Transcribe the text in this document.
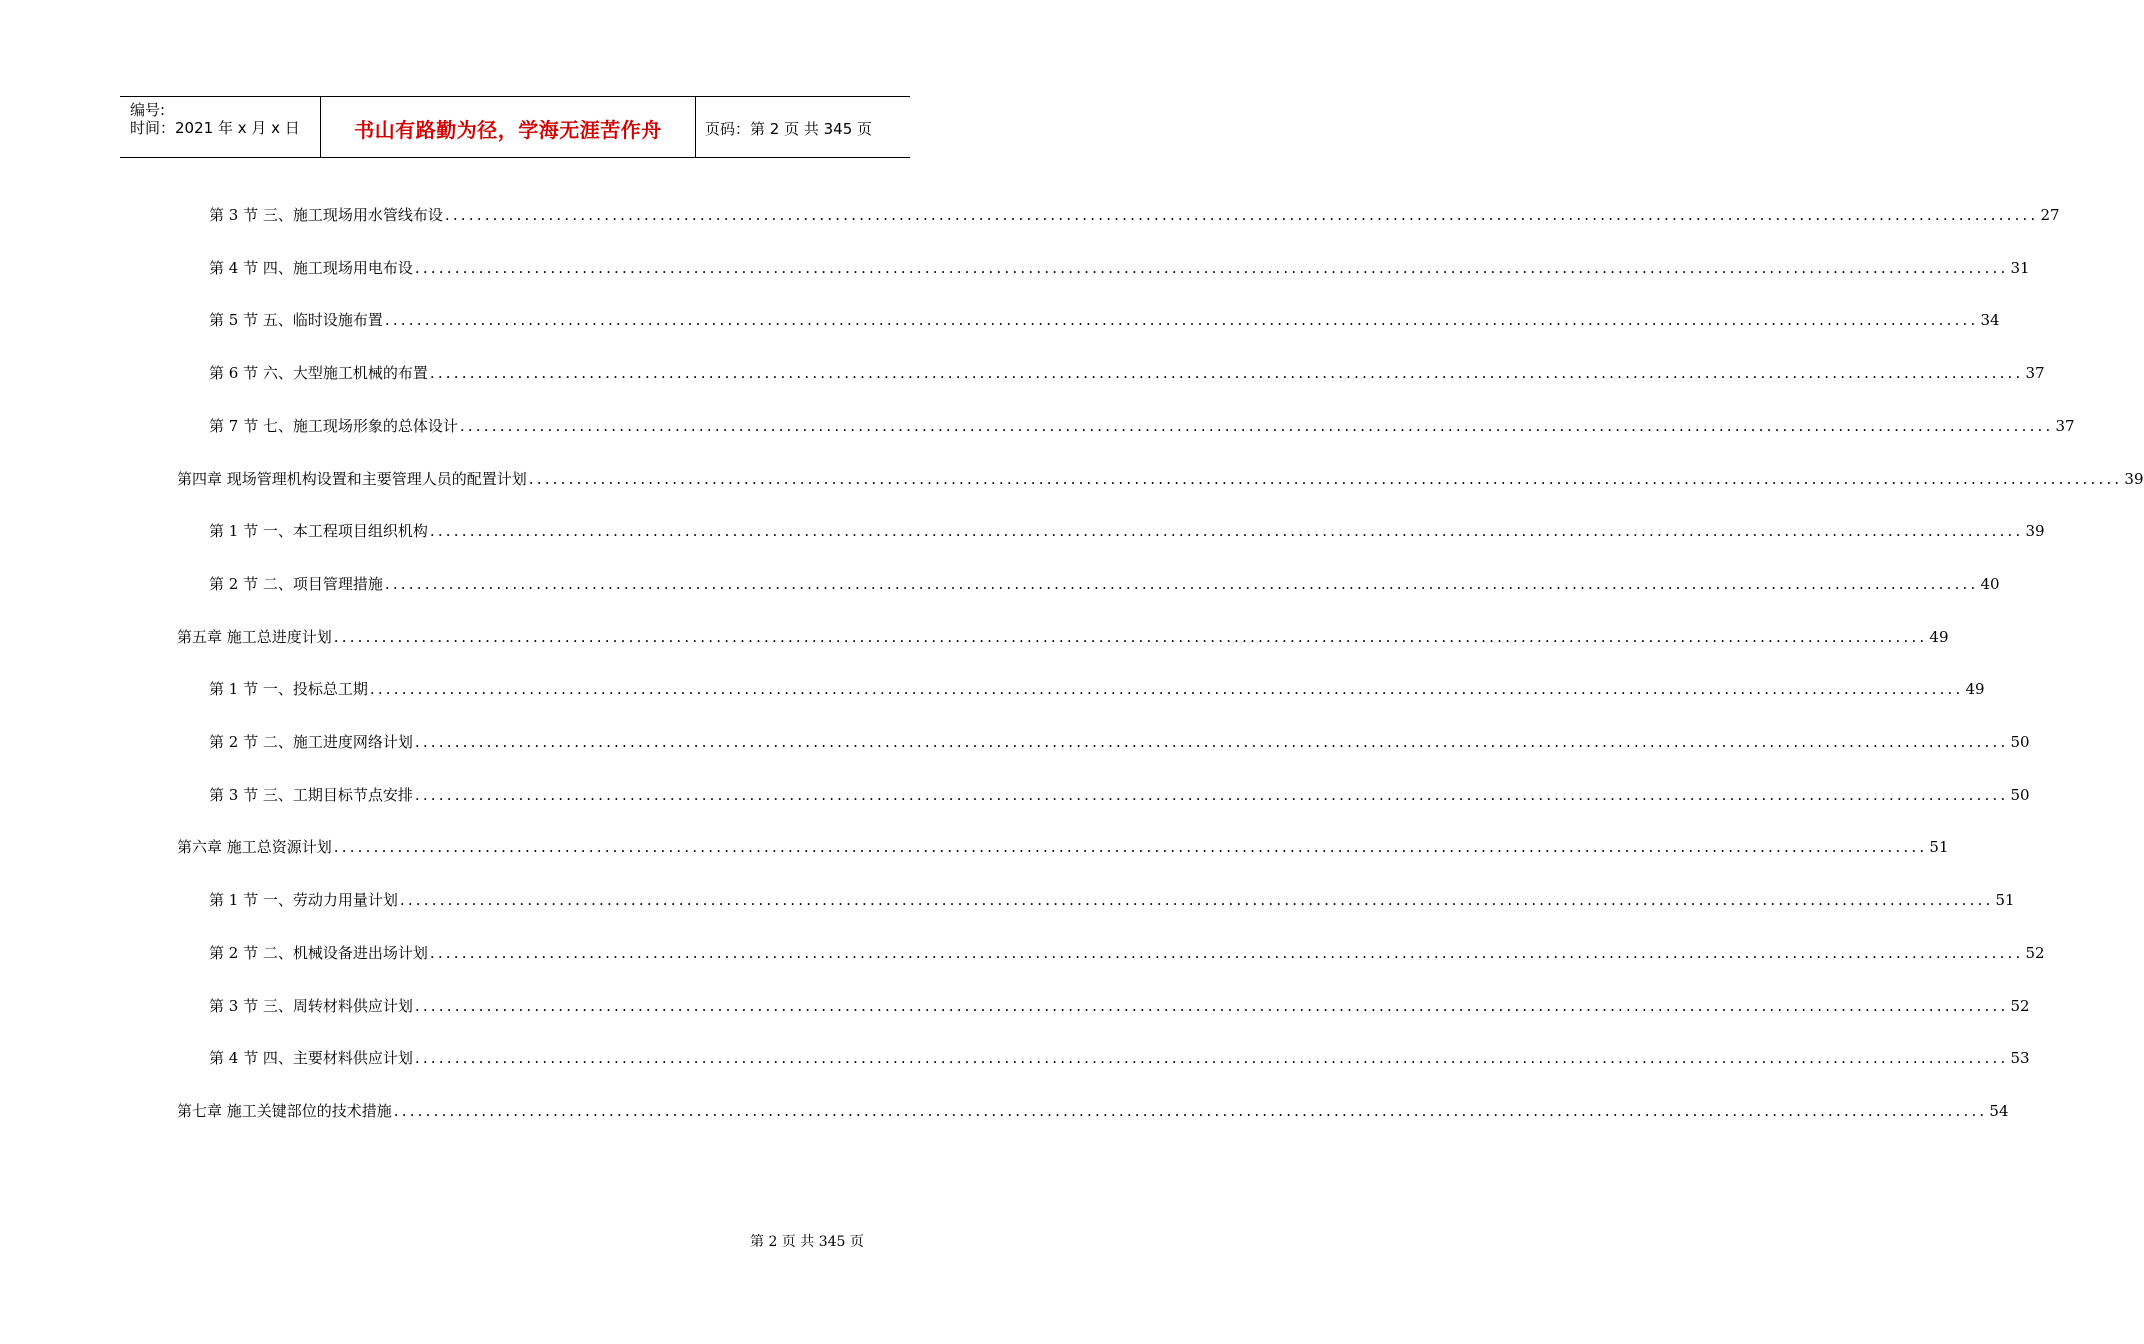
编号:
时间：2021 年 x 月 x 日	书山有路勤为径，学海无涯苦作舟	页码：第 2 页 共 345 页
第 3 节 三、施工现场用水管线布设 ........................................................................................................................................................................................................ 27
第 4 节 四、施工现场用电布设 ........................................................................................................................................................................................................ 31
第 5 节 五、临时设施布置 ........................................................................................................................................................................................................ 34
第 6 节 六、大型施工机械的布置 ........................................................................................................................................................................................................ 37
第 7 节 七、施工现场形象的总体设计 ........................................................................................................................................................................................................ 37
第四章 现场管理机构设置和主要管理人员的配置计划 ........................................................................................................................................................................................................ 39
第 1 节 一、本工程项目组织机构 ........................................................................................................................................................................................................ 39
第 2 节 二、项目管理措施 ........................................................................................................................................................................................................ 40
第五章 施工总进度计划 ........................................................................................................................................................................................................ 49
第 1 节 一、投标总工期 ........................................................................................................................................................................................................ 49
第 2 节 二、施工进度网络计划 ........................................................................................................................................................................................................ 50
第 3 节 三、工期目标节点安排 ........................................................................................................................................................................................................ 50
第六章 施工总资源计划 ........................................................................................................................................................................................................ 51
第 1 节 一、劳动力用量计划 ........................................................................................................................................................................................................ 51
第 2 节 二、机械设备进出场计划 ........................................................................................................................................................................................................ 52
第 3 节 三、周转材料供应计划 ........................................................................................................................................................................................................ 52
第 4 节 四、主要材料供应计划 ........................................................................................................................................................................................................ 53
第七章 施工关键部位的技术措施 ........................................................................................................................................................................................................ 54
第 2 页 共 345 页
